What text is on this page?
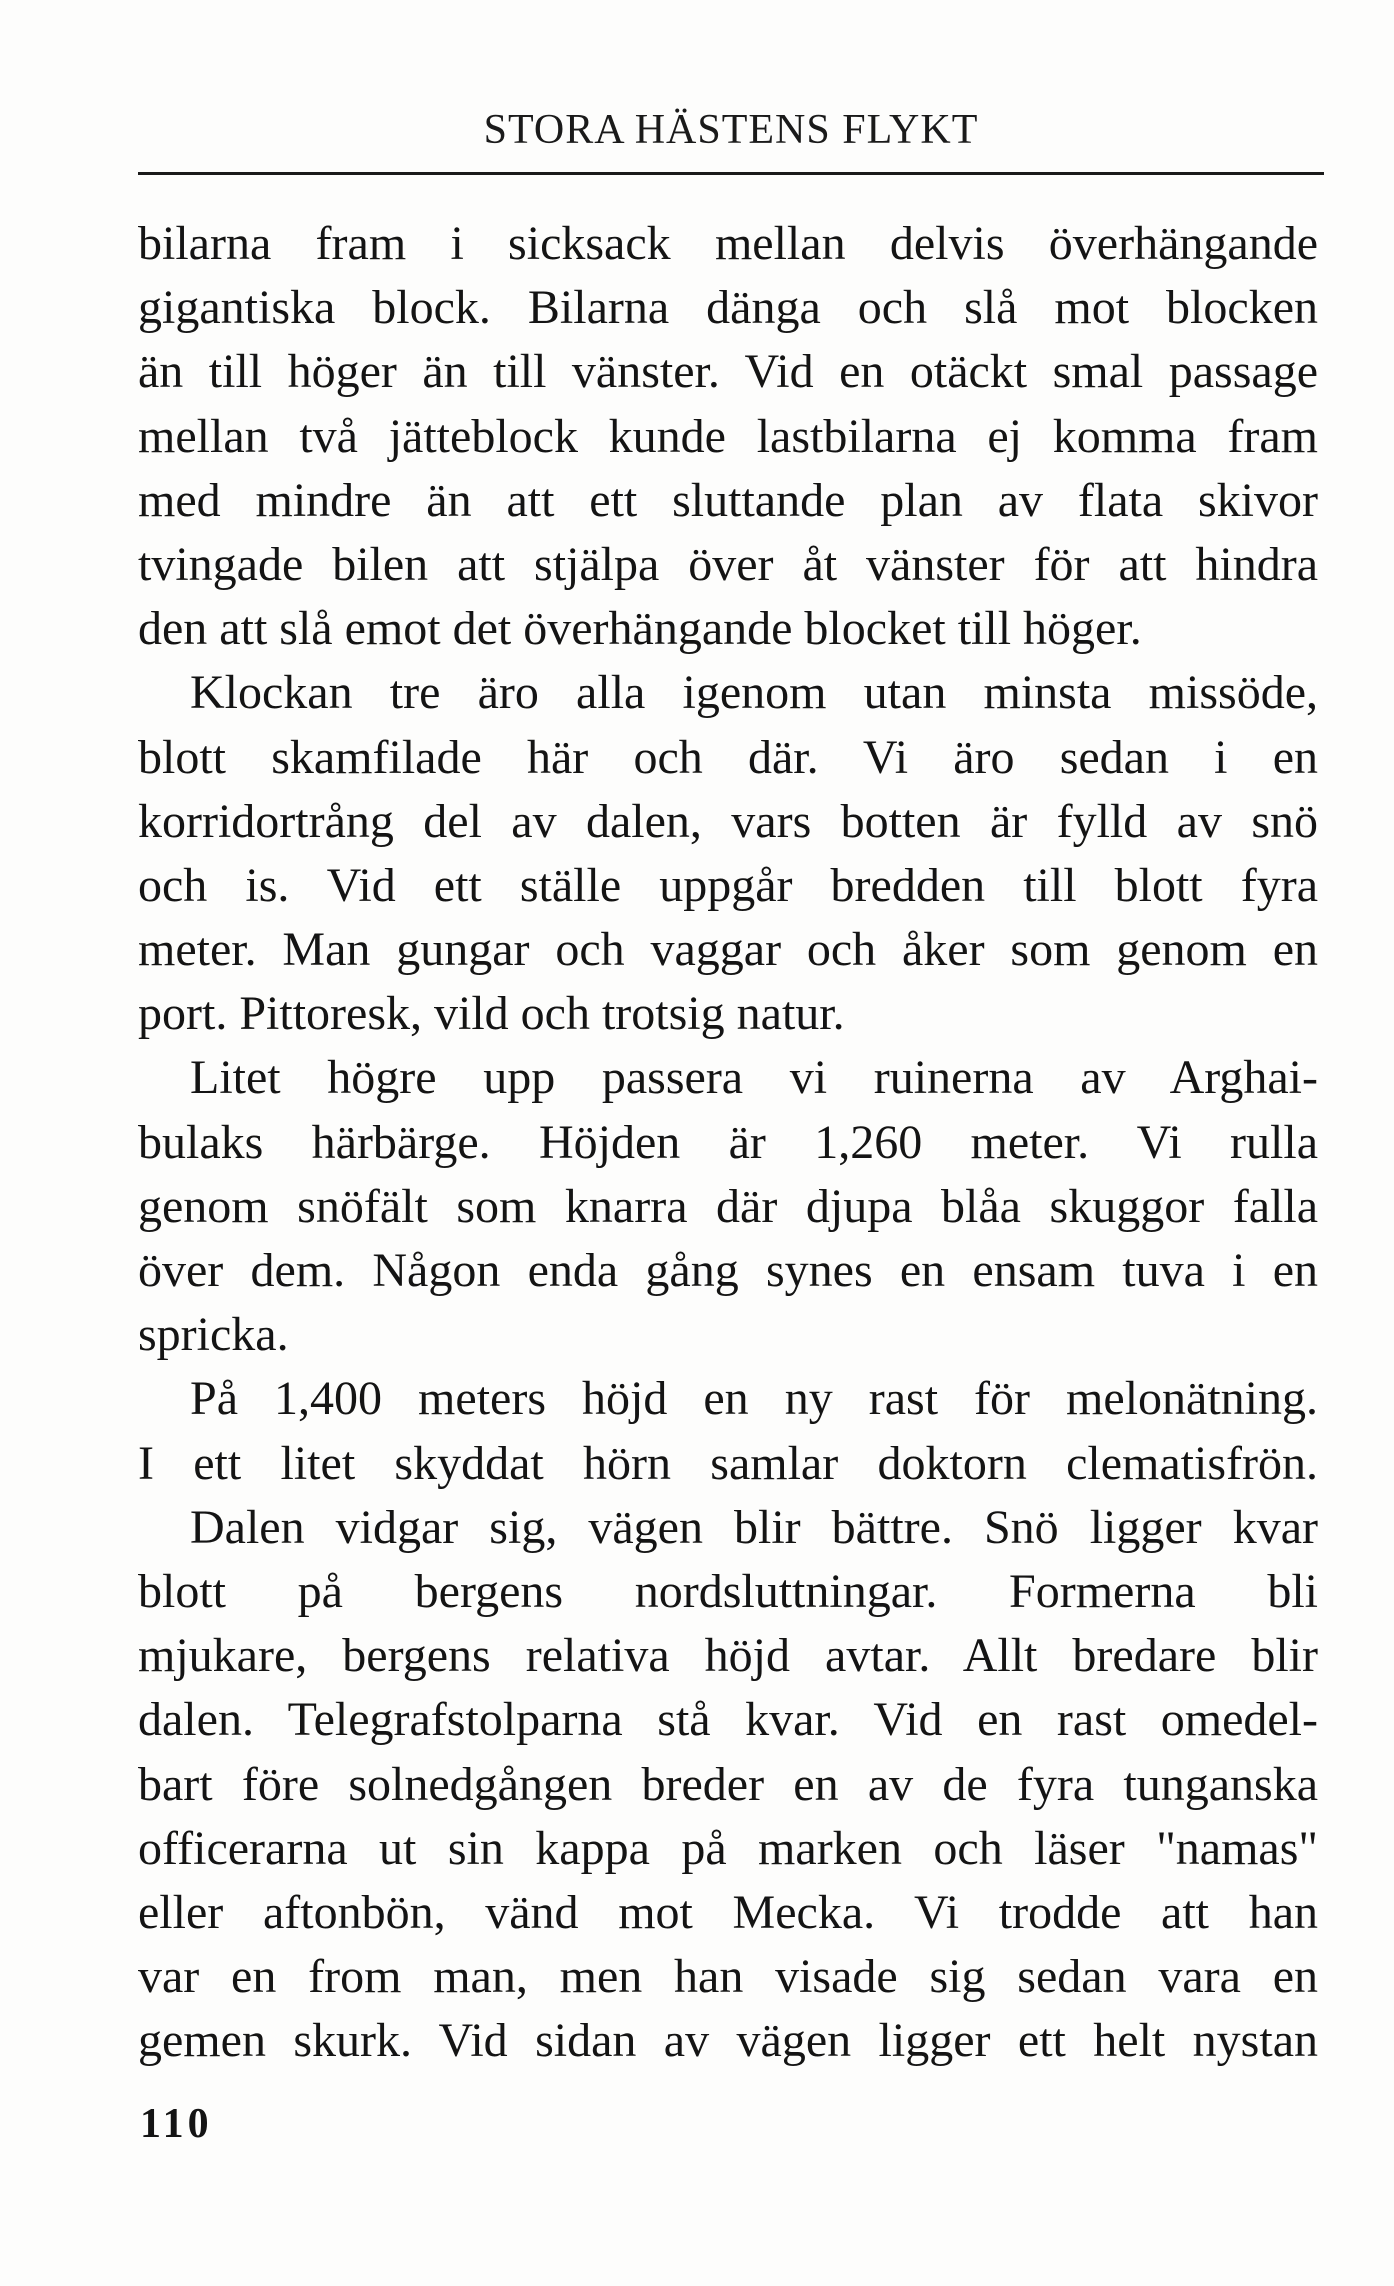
STORA HÄSTENS FLYKT
bilarna fram i sicksack mellan delvis överhängande
gigantiska block. Bilarna dänga och slå mot blocken
än till höger än till vänster. Vid en otäckt smal passage
mellan två jätteblock kunde lastbilarna ej komma fram
med mindre än att ett sluttande plan av flata skivor
tvingade bilen att stjälpa över åt vänster för att hindra
den att slå emot det överhängande blocket till höger.
Klockan tre äro alla igenom utan minsta missöde,
blott skamfilade här och där. Vi äro sedan i en
korridortrång del av dalen, vars botten är fylld av snö
och is. Vid ett ställe uppgår bredden till blott fyra
meter. Man gungar och vaggar och åker som genom en
port. Pittoresk, vild och trotsig natur.
Litet högre upp passera vi ruinerna av Arghai-
bulaks härbärge. Höjden är 1,260 meter. Vi rulla
genom snöfält som knarra där djupa blåa skuggor falla
över dem. Någon enda gång synes en ensam tuva i en
spricka.
På 1,400 meters höjd en ny rast för melonätning.
I ett litet skyddat hörn samlar doktorn clematisfrön.
Dalen vidgar sig, vägen blir bättre. Snö ligger kvar
blott på bergens nordsluttningar. Formerna bli
mjukare, bergens relativa höjd avtar. Allt bredare blir
dalen. Telegrafstolparna stå kvar. Vid en rast omedel-
bart före solnedgången breder en av de fyra tunganska
officerarna ut sin kappa på marken och läser "namas"
eller aftonbön, vänd mot Mecka. Vi trodde att han
var en from man, men han visade sig sedan vara en
gemen skurk. Vid sidan av vägen ligger ett helt nystan
110
